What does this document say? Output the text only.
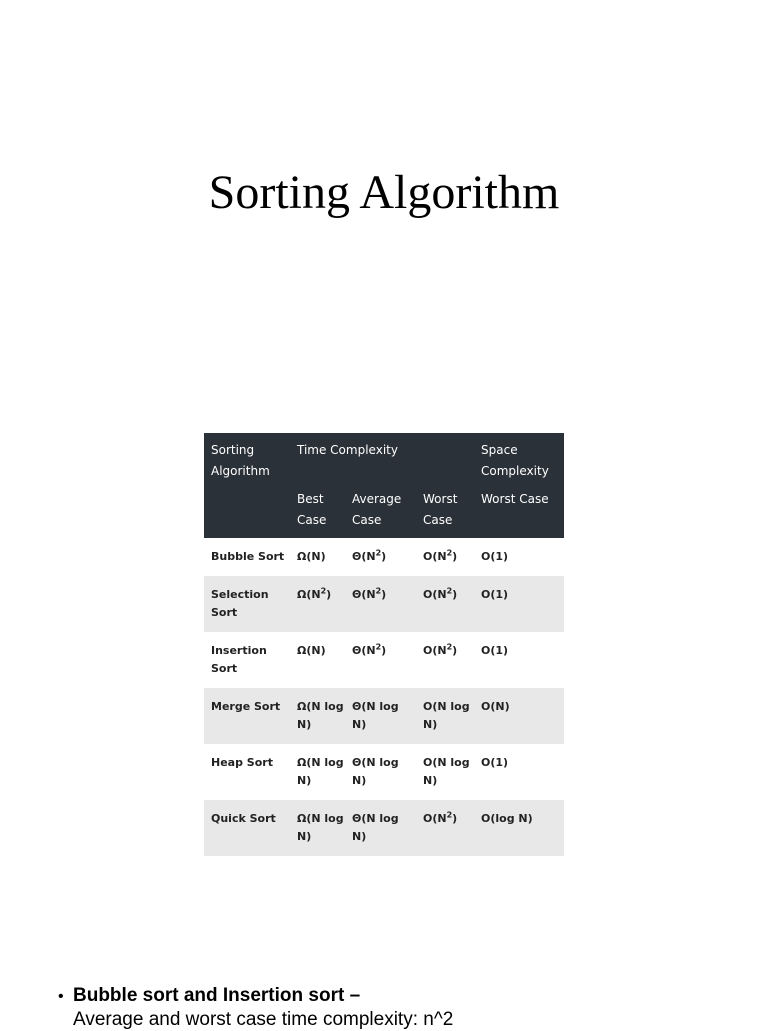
Sorting Algorithm
Sorting Algorithm	Time Complexity			Space Complexity
	Best Case	Average Case	Worst Case	Worst Case
Bubble Sort	Ω(N)	$\Theta(N^2)$	$O(N^2)$	O(1)
Selection Sort	$\Omega(N^2)$	$\Theta(N^2)$	$O(N^2)$	O(1)
Insertion Sort	Ω(N)	$\Theta(N^2)$	$O(N^2)$	O(1)
Merge Sort	Ω(N log N)	Θ(N log N)	O(N log N)	O(N)
Heap Sort	Ω(N log N)	Θ(N log N)	O(N log N)	O(1)
Quick Sort	Ω(N log N)	Θ(N log N)	$O(N^2)$	O(log N)
• Bubble sort and Insertion sort –
Average and worst case time complexity: n^2
